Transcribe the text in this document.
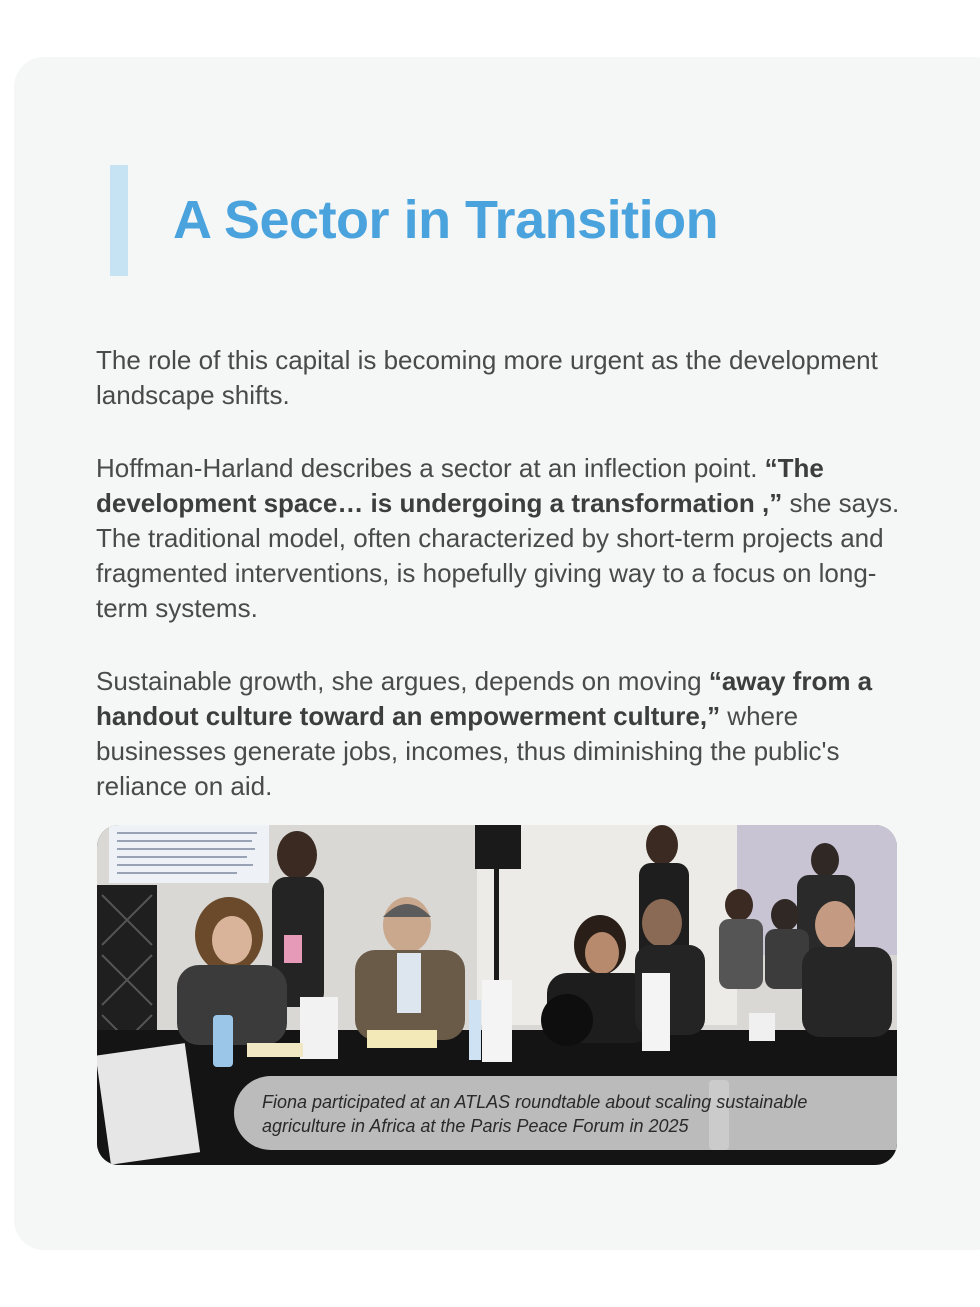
A Sector in Transition

The role of this capital is becoming more urgent as the development landscape shifts.

Hoffman-Harland describes a sector at an inflection point. “The development space… is undergoing a transformation ,” she says. The traditional model, often characterized by short-term projects and fragmented interventions, is hopefully giving way to a focus on long-term systems.

Sustainable growth, she argues, depends on moving “away from a handout culture toward an empowerment culture,” where businesses generate jobs, incomes, thus diminishing the public's reliance on aid.

Fiona participated at an ATLAS roundtable about scaling sustainable agriculture in Africa at the Paris Peace Forum in 2025
